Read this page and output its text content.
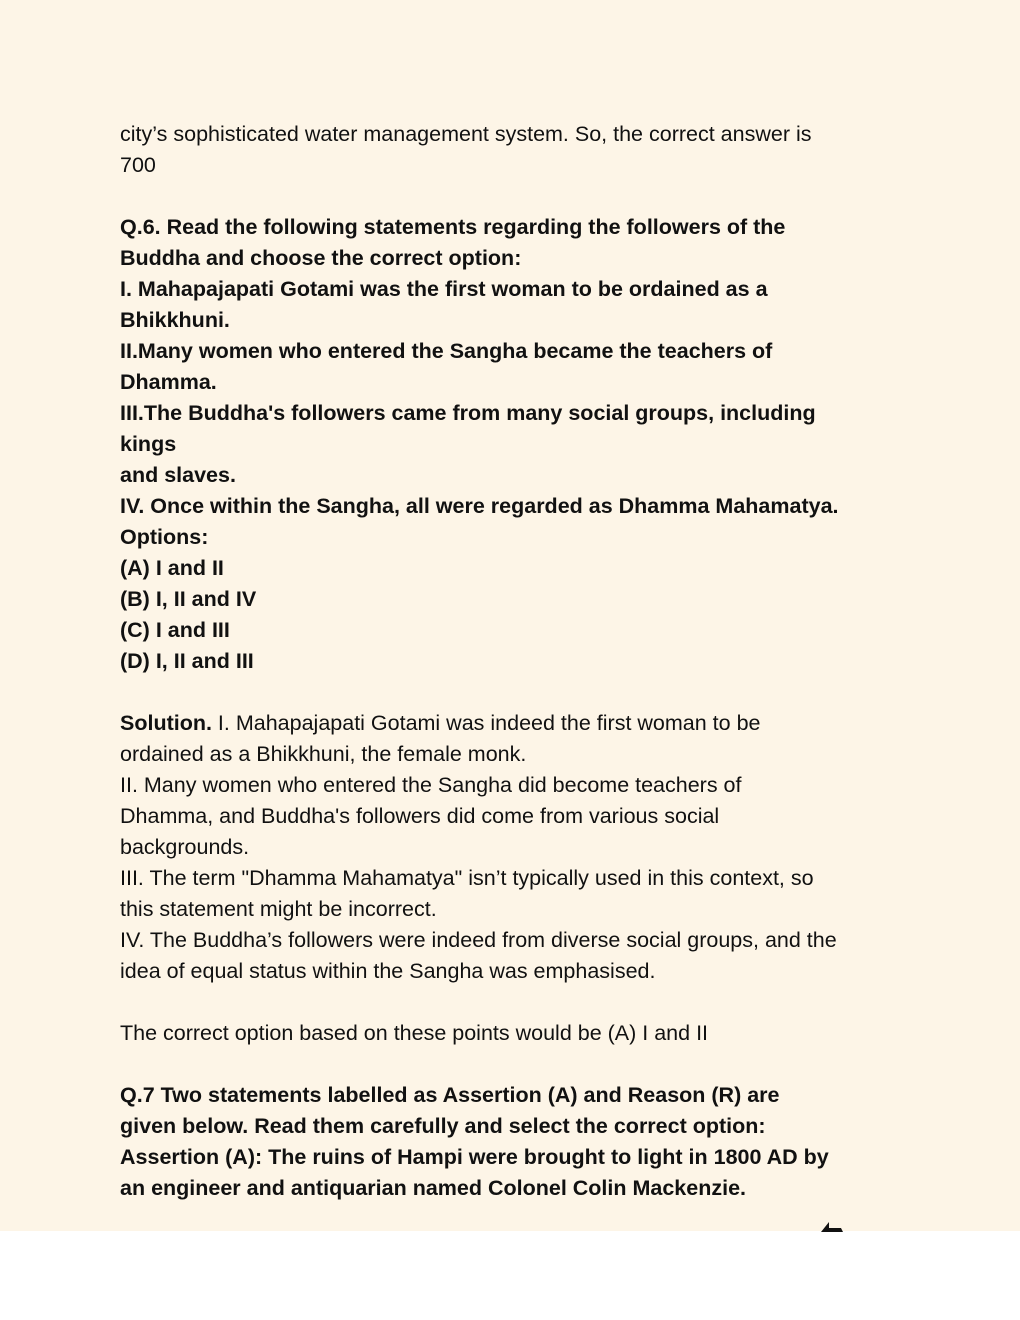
city’s sophisticated water management system. So, the correct answer is
700
Q.6. Read the following statements regarding the followers of the
Buddha and choose the correct option:
I. Mahapajapati Gotami was the first woman to be ordained as a
Bhikkhuni.
II.Many women who entered the Sangha became the teachers of
Dhamma.
III.The Buddha's followers came from many social groups, including
kings
and slaves.
IV. Once within the Sangha, all were regarded as Dhamma Mahamatya.
Options:
(A) I and II
(B) I, II and IV
(C) I and III
(D) I, II and III
Solution. I. Mahapajapati Gotami was indeed the first woman to be
ordained as a Bhikkhuni, the female monk.
II. Many women who entered the Sangha did become teachers of
Dhamma, and Buddha's followers did come from various social
backgrounds.
III. The term "Dhamma Mahamatya" isn’t typically used in this context, so
this statement might be incorrect.
IV. The Buddha’s followers were indeed from diverse social groups, and the
idea of equal status within the Sangha was emphasised.
The correct option based on these points would be (A) I and II
Q.7 Two statements labelled as Assertion (A) and Reason (R) are
given below. Read them carefully and select the correct option:
Assertion (A): The ruins of Hampi were brought to light in 1800 AD by
an engineer and antiquarian named Colonel Colin Mackenzie.
